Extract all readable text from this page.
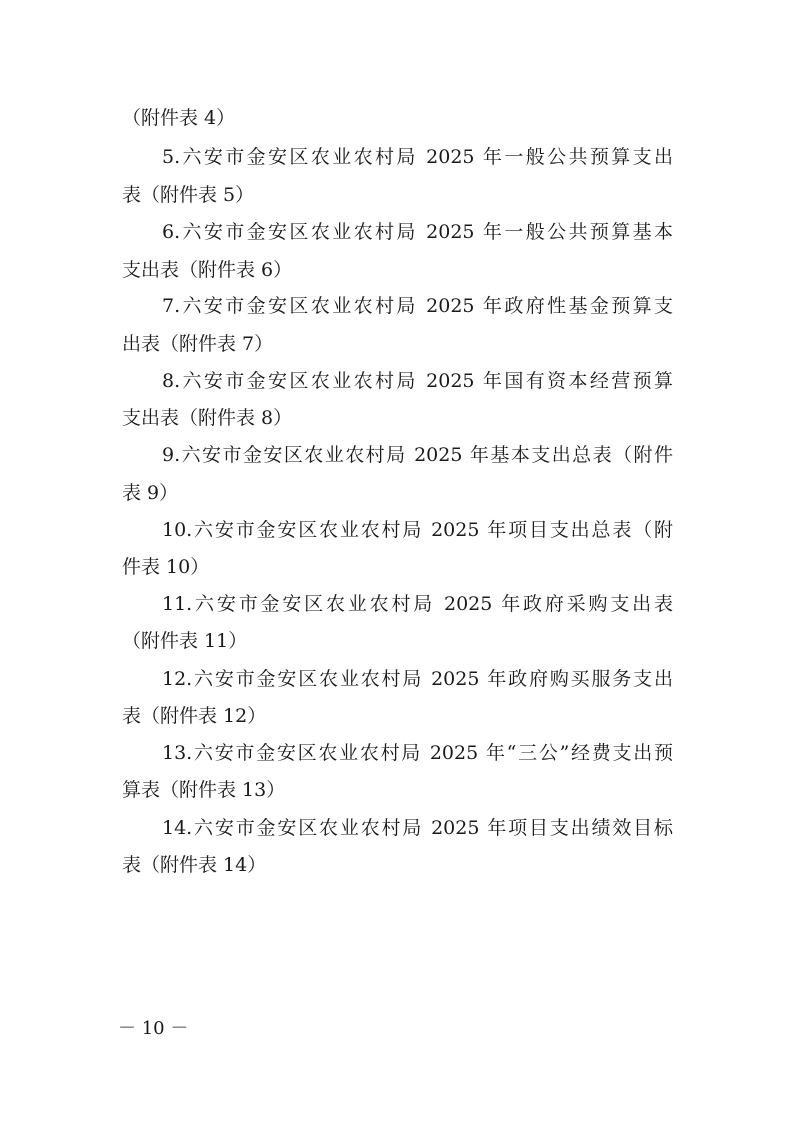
（附件表 4）
5.六安市金安区农业农村局 2025 年一般公共预算支出
表（附件表 5）
6.六安市金安区农业农村局 2025 年一般公共预算基本
支出表（附件表 6）
7.六安市金安区农业农村局 2025 年政府性基金预算支
出表（附件表 7）
8.六安市金安区农业农村局 2025 年国有资本经营预算
支出表（附件表 8）
9.六安市金安区农业农村局 2025 年基本支出总表（附件
表 9）
10.六安市金安区农业农村局 2025 年项目支出总表（附
件表 10）
11.六安市金安区农业农村局 2025 年政府采购支出表
（附件表 11）
12.六安市金安区农业农村局 2025 年政府购买服务支出
表（附件表 12）
13.六安市金安区农业农村局 2025 年“三公”经费支出预
算表（附件表 13）
14.六安市金安区农业农村局 2025 年项目支出绩效目标
表（附件表 14）
－ 10 －
